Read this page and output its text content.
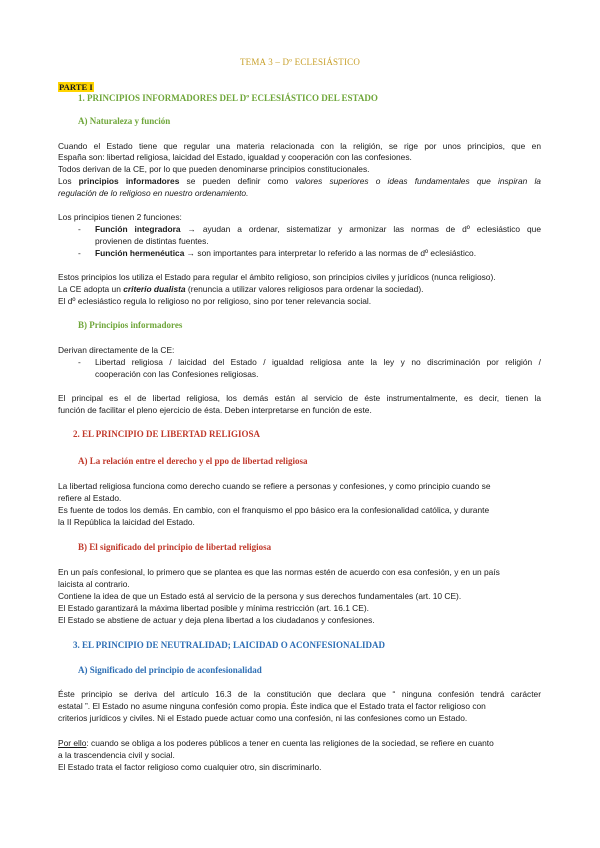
TEMA 3 – Dº ECLESIÁSTICO
PARTE I
1. PRINCIPIOS INFORMADORES DEL Dº ECLESIÁSTICO DEL ESTADO
A) Naturaleza y función
Cuando el Estado tiene que regular una materia relacionada con la religión, se rige por unos principios, que en
España son: libertad religiosa, laicidad del Estado, igualdad y cooperación con las confesiones.
Todos derivan de la CE, por lo que pueden denominarse principios constitucionales.
Los principios informadores se pueden definir como valores superiores o ideas fundamentales que inspiran la
regulación de lo religioso en nuestro ordenamiento.
Los principios tienen 2 funciones:
- Función integradora → ayudan a ordenar, sistematizar y armonizar las normas de dº eclesiástico que
provienen de distintas fuentes.
- Función hermenéutica → son importantes para interpretar lo referido a las normas de dº eclesiástico.
Estos principios los utiliza el Estado para regular el ámbito religioso, son principios civiles y jurídicos (nunca religioso).
La CE adopta un criterio dualista (renuncia a utilizar valores religiosos para ordenar la sociedad).
El dº eclesiástico regula lo religioso no por religioso, sino por tener relevancia social.
B) Principios informadores
Derivan directamente de la CE:
- Libertad religiosa / laicidad del Estado / igualdad religiosa ante la ley y no discriminación por religión /
cooperación con las Confesiones religiosas.
El principal es el de libertad religiosa, los demás están al servicio de éste instrumentalmente, es decir, tienen la
función de facilitar el pleno ejercicio de ésta. Deben interpretarse en función de este.
2. EL PRINCIPIO DE LIBERTAD RELIGIOSA
A) La relación entre el derecho y el ppo de libertad religiosa
La libertad religiosa funciona como derecho cuando se refiere a personas y confesiones, y como principio cuando se
refiere al Estado.
Es fuente de todos los demás. En cambio, con el franquismo el ppo básico era la confesionalidad católica, y durante
la II República la laicidad del Estado.
B) El significado del principio de libertad religiosa
En un país confesional, lo primero que se plantea es que las normas estén de acuerdo con esa confesión, y en un país
laicista al contrario.
Contiene la idea de que un Estado está al servicio de la persona y sus derechos fundamentales (art. 10 CE).
El Estado garantizará la máxima libertad posible y mínima restricción (art. 16.1 CE).
El Estado se abstiene de actuar y deja plena libertad a los ciudadanos y confesiones.
3. EL PRINCIPIO DE NEUTRALIDAD; LAICIDAD O ACONFESIONALIDAD
A) Significado del principio de aconfesionalidad
Éste principio se deriva del artículo 16.3 de la constitución que declara que “ ninguna confesión tendrá carácter
estatal ”. El Estado no asume ninguna confesión como propia. Éste indica que el Estado trata el factor religioso con
criterios jurídicos y civiles. Ni el Estado puede actuar como una confesión, ni las confesiones como un Estado.
Por ello: cuando se obliga a los poderes públicos a tener en cuenta las religiones de la sociedad, se refiere en cuanto
a la trascendencia civil y social.
El Estado trata el factor religioso como cualquier otro, sin discriminarlo.
